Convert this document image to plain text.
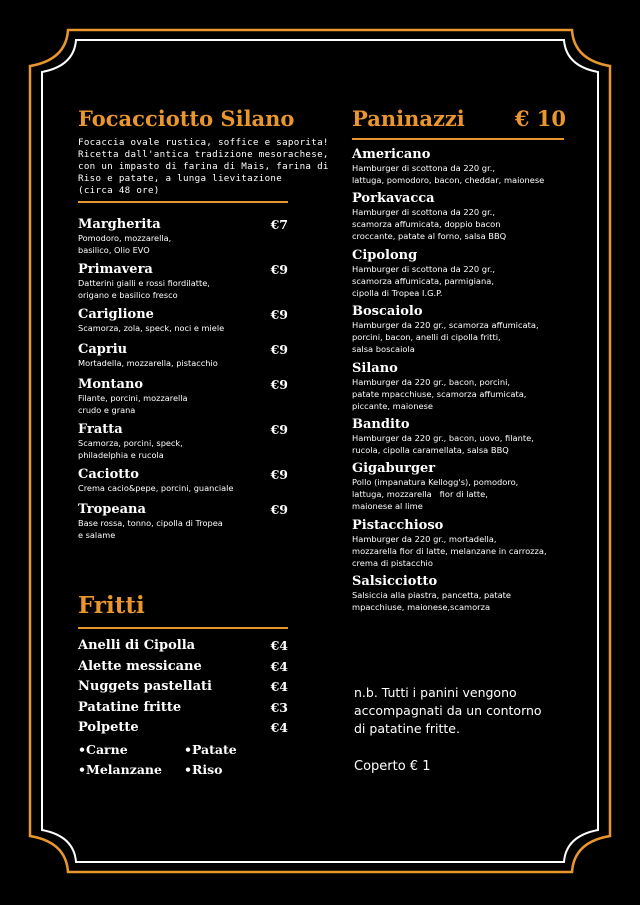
Focacciotto Silano
Focaccia ovale rustica, soffice e saporita!
Ricetta dall'antica tradizione mesorachese,
con un impasto di farina di Mais, farina di
Riso e patate, a lunga lievitazione
(circa 48 ore)
Margherita	€7
Pomodoro, mozzarella,
basilico, Olio EVO
Primavera	€9
Datterini gialli e rossi fiordilatte,
origano e basilico fresco
Cariglione	€9
Scamorza, zola, speck, noci e miele
Capriu	€9
Mortadella, mozzarella, pistacchio
Montano	€9
Filante, porcini, mozzarella
crudo e grana
Fratta	€9
Scamorza, porcini, speck,
philadelphia e rucola
Caciotto	€9
Crema cacio&pepe, porcini, guanciale
Tropeana	€9
Base rossa, tonno, cipolla di Tropea
e salame
Fritti
Anelli di Cipolla	€4
Alette messicane	€4
Nuggets pastellati	€4
Patatine fritte	€3
Polpette	€4
•Carne	•Patate
•Melanzane	•Riso
Paninazzi € 10
Americano
Hamburger di scottona da 220 gr.,
lattuga, pomodoro, bacon, cheddar, maionese
Porkavacca
Hamburger di scottona da 220 gr.,
scamorza affumicata, doppio bacon
croccante, patate al forno, salsa BBQ
Cipolong
Hamburger di scottona da 220 gr.,
scamorza affumicata, parmigiana,
cipolla di Tropea I.G.P.
Boscaiolo
Hamburger da 220 gr., scamorza affumicata,
porcini, bacon, anelli di cipolla fritti,
salsa boscaiola
Silano
Hamburger da 220 gr., bacon, porcini,
patate mpacchiuse, scamorza affumicata,
piccante, maionese
Bandito
Hamburger da 220 gr., bacon, uovo, filante,
rucola, cipolla caramellata, salsa BBQ
Gigaburger
Pollo (impanatura Kellogg's), pomodoro,
lattuga, mozzarella   fior di latte,
maionese al lime
Pistacchioso
Hamburger da 220 gr., mortadella,
mozzarella fior di latte, melanzane in carrozza,
crema di pistacchio
Salsicciotto
Salsiccia alla piastra, pancetta, patate
mpacchiuse, maionese,scamorza
n.b. Tutti i panini vengono
accompagnati da un contorno
di patatine fritte.
Coperto € 1
